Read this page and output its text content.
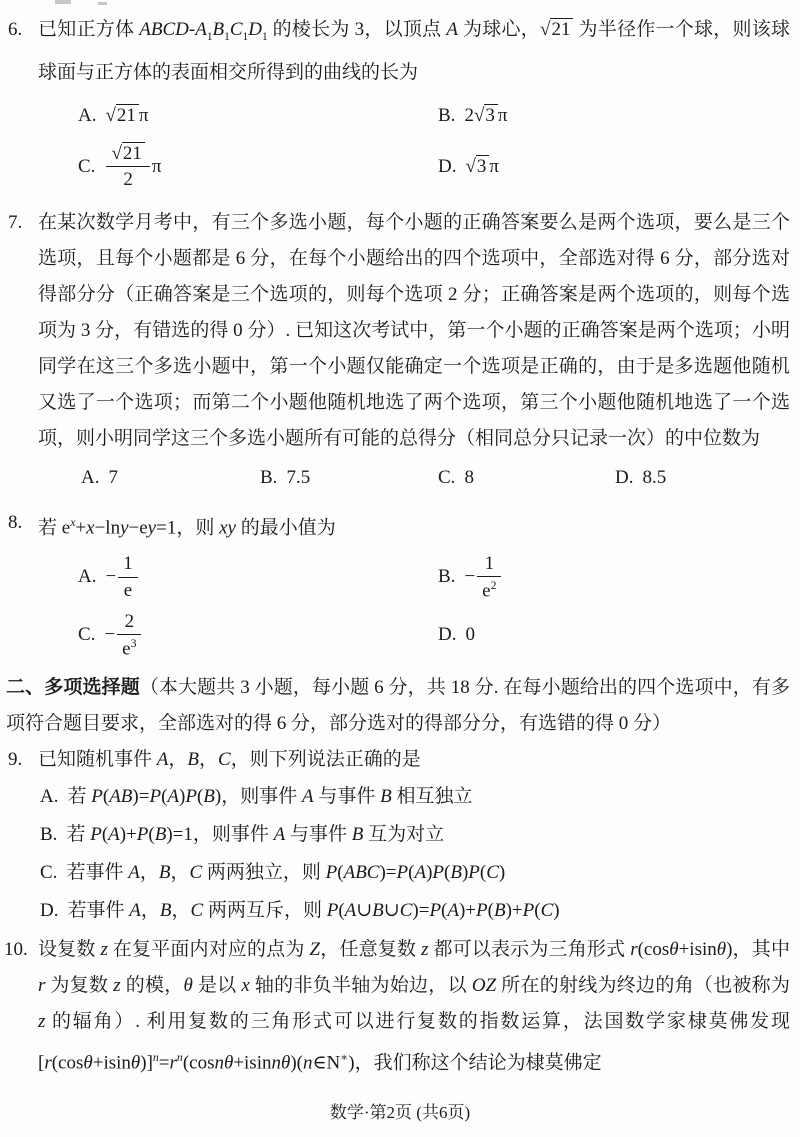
6. 已知正方体 ABCD-$A_1B_1C_1D_1$ 的棱长为 3，以顶点 A 为球心，√21 为半径作一个球，则该球球面与正方体的表面相交所得到的曲线的长为

A. √21 π	B. 2 √3 π
C. $\frac{√21}{2}$ π	D. √3 π
7. 在某次数学月考中，有三个多选小题，每个小题的正确答案要么是两个选项，要么是三个选项，且每个小题都是 6 分，在每个小题给出的四个选项中，全部选对得 6 分，部分选对得部分分（正确答案是三个选项的，则每个选项 2 分；正确答案是两个选项的，则每个选项为 3 分，有错选的得 0 分）. 已知这次考试中，第一个小题的正确答案是两个选项；小明同学在这三个多选小题中，第一个小题仅能确定一个选项是正确的，由于是多选题他随机又选了一个选项；而第二个小题他随机地选了两个选项，第三个小题他随机地选了一个选项，则小明同学这三个多选小题所有可能的总得分（相同总分只记录一次）的中位数为

A. 7	B. 7.5	C. 8	D. 8.5
8. 若 $e^x+x-\ln y-ey=1$，则 xy 的最小值为

A. − $\frac{1}{e}$	B. − $\frac{1}{e^2}$
C. − $\frac{2}{e^3}$	D. 0

二、多项选择题（本大题共 3 小题，每小题 6 分，共 18 分. 在每小题给出的四个选项中，有多项符合题目要求，全部选对的得 6 分，部分选对的得部分分，有选错的得 0 分）

9. 已知随机事件 A，B，C，则下列说法正确的是

A. 若 P(AB)=P(A)P(B)，则事件 A 与事件 B 相互独立
B. 若 P(A)+P(B)=1，则事件 A 与事件 B 互为对立
C. 若事件 A，B，C 两两独立，则 P(ABC)=P(A)P(B)P(C)
D. 若事件 A，B，C 两两互斥，则 P(A∪B∪C)=P(A)+P(B)+P(C)
10. 设复数 z 在复平面内对应的点为 Z，任意复数 z 都可以表示为三角形式 r(cosθ+isinθ)，其中 r 为复数 z 的模，θ 是以 x 轴的非负半轴为始边，以 OZ 所在的射线为终边的角（也被称为 z 的辐角）. 利用复数的三角形式可以进行复数的指数运算，法国数学家棣莫佛发现$[r(\cos\theta+isin\theta)]^n=r^n(\cos n\theta+isinn\theta)(n\in N^∗)$，我们称这个结论为棣莫佛定

数学·第2页 (共6页)
